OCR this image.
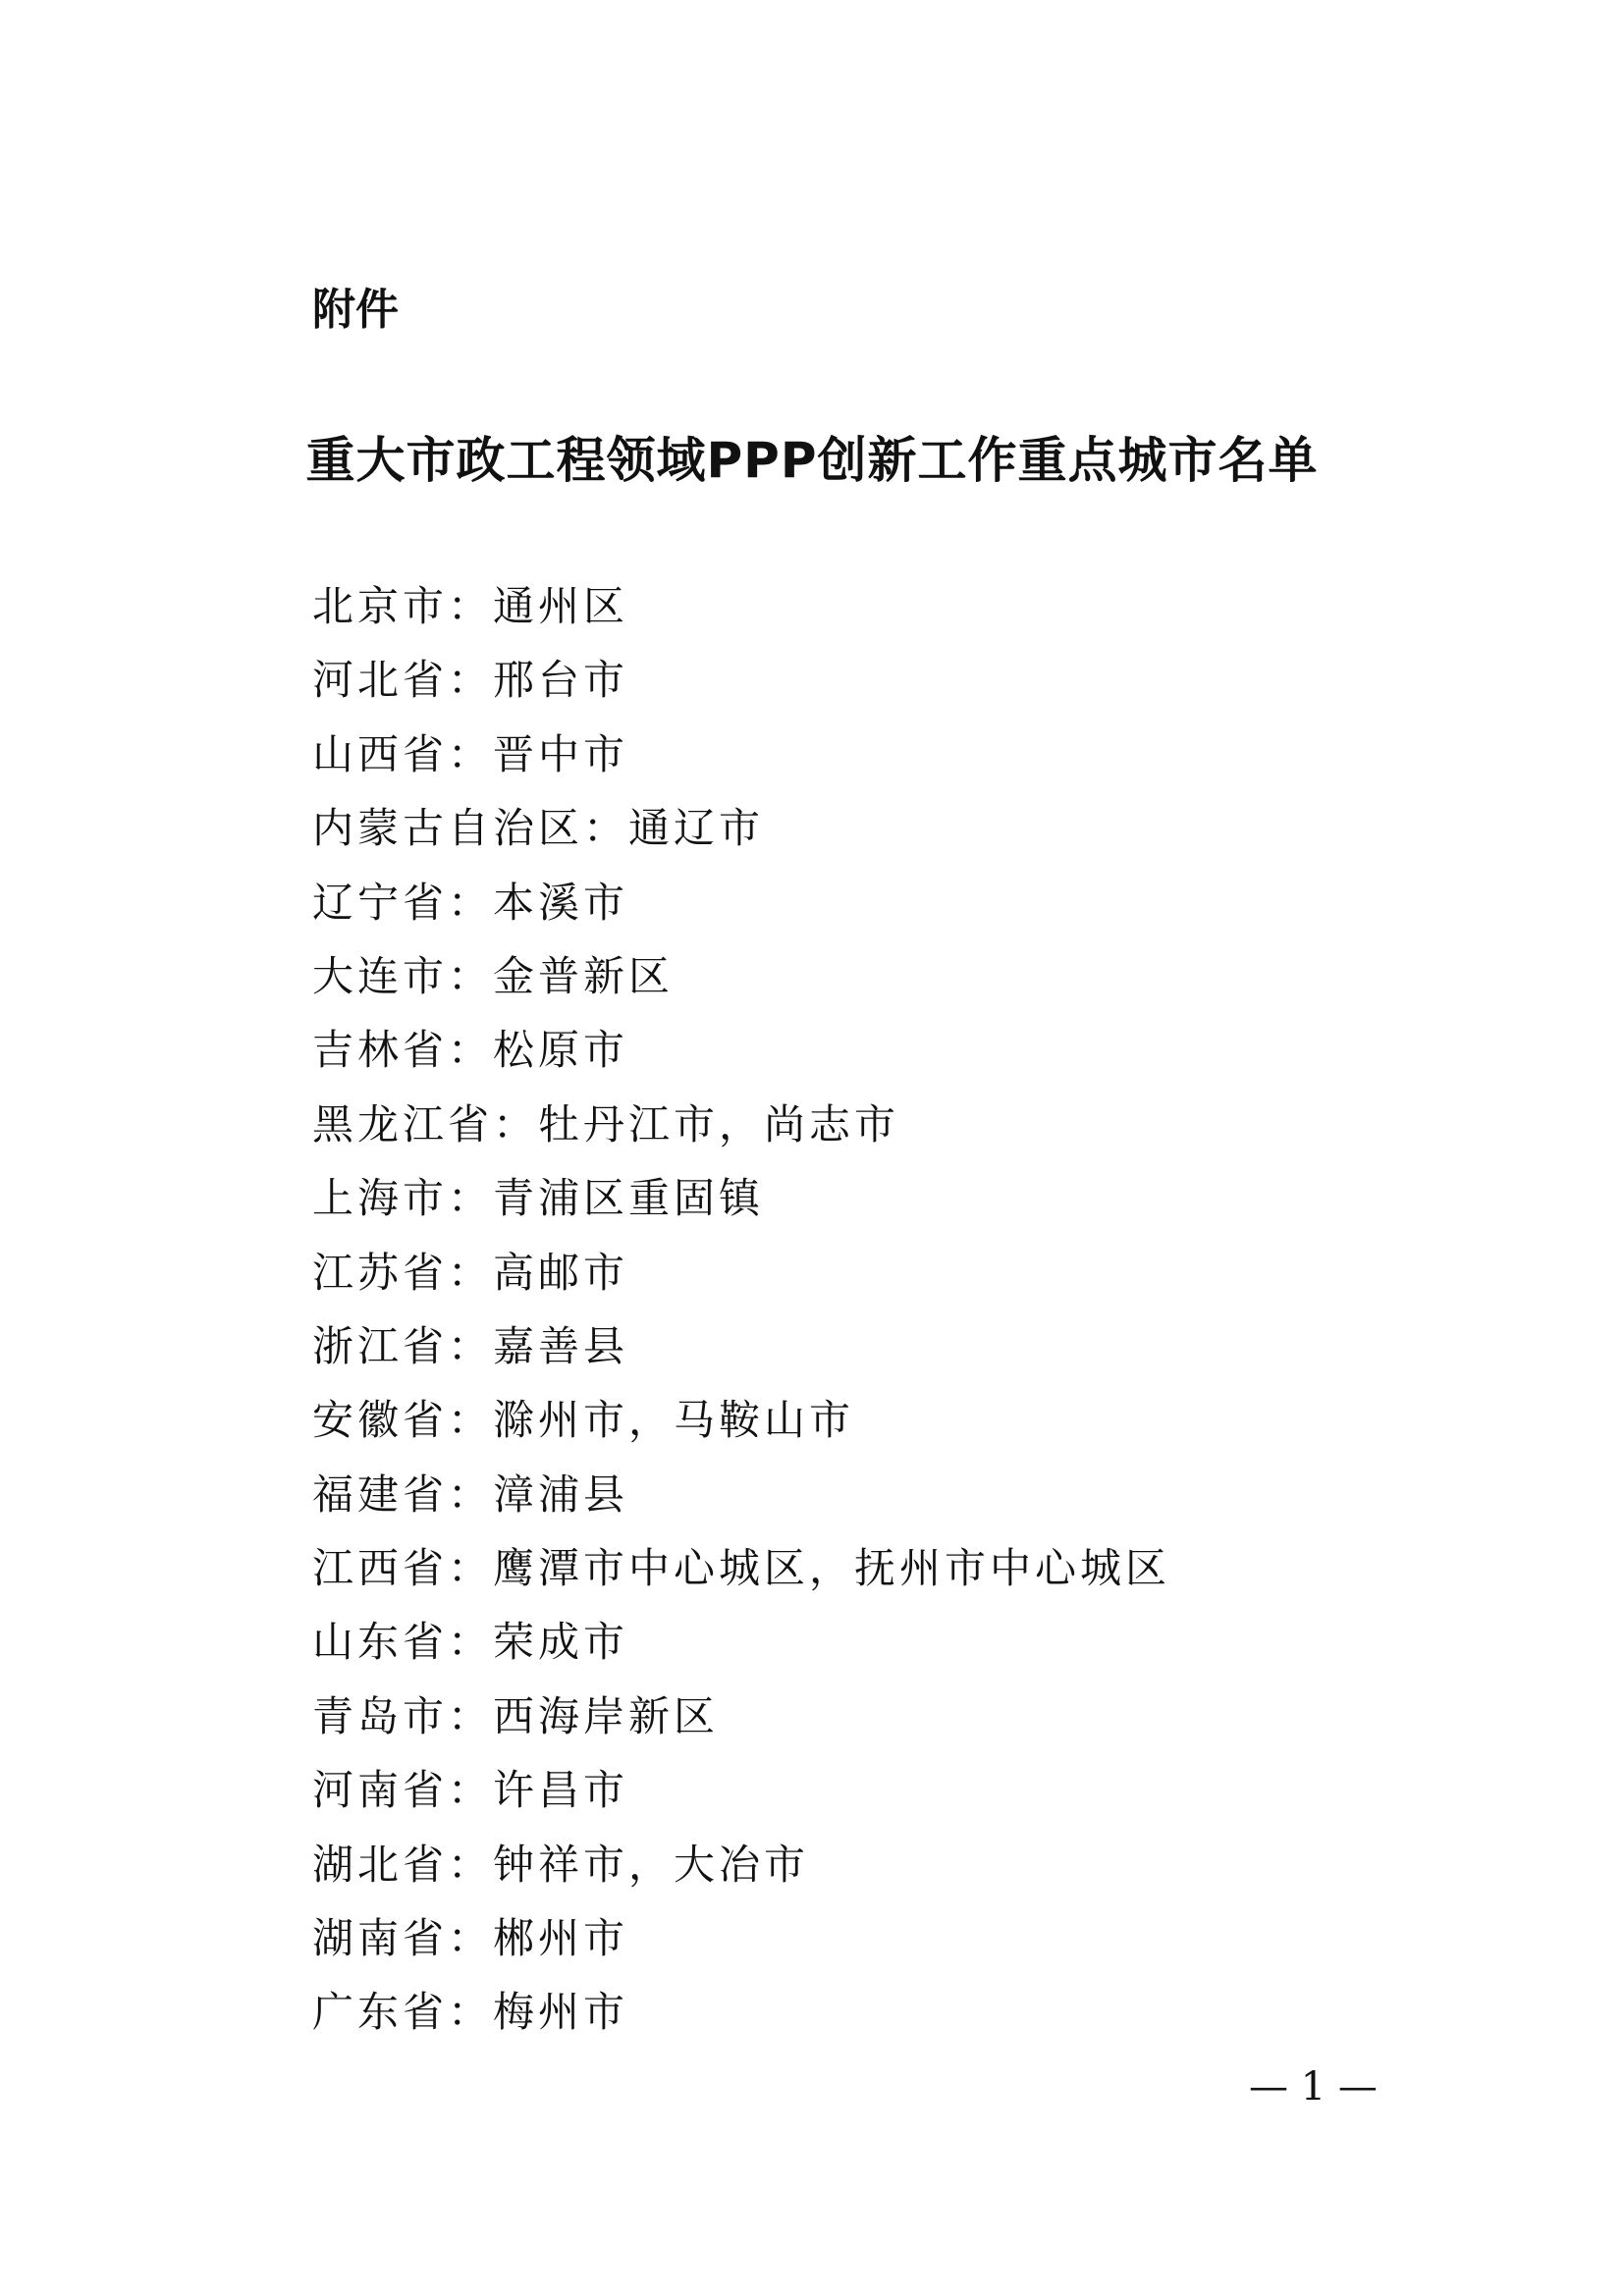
附件
重大市政工程领域PPP创新工作重点城市名单
北京市：通州区
河北省：邢台市
山西省：晋中市
内蒙古自治区：通辽市
辽宁省：本溪市
大连市：金普新区
吉林省：松原市
黑龙江省：牡丹江市，尚志市
上海市：青浦区重固镇
江苏省：高邮市
浙江省：嘉善县
安徽省：滁州市，马鞍山市
福建省：漳浦县
江西省：鹰潭市中心城区，抚州市中心城区
山东省：荣成市
青岛市：西海岸新区
河南省：许昌市
湖北省：钟祥市，大冶市
湖南省：郴州市
广东省：梅州市
— 1 —
